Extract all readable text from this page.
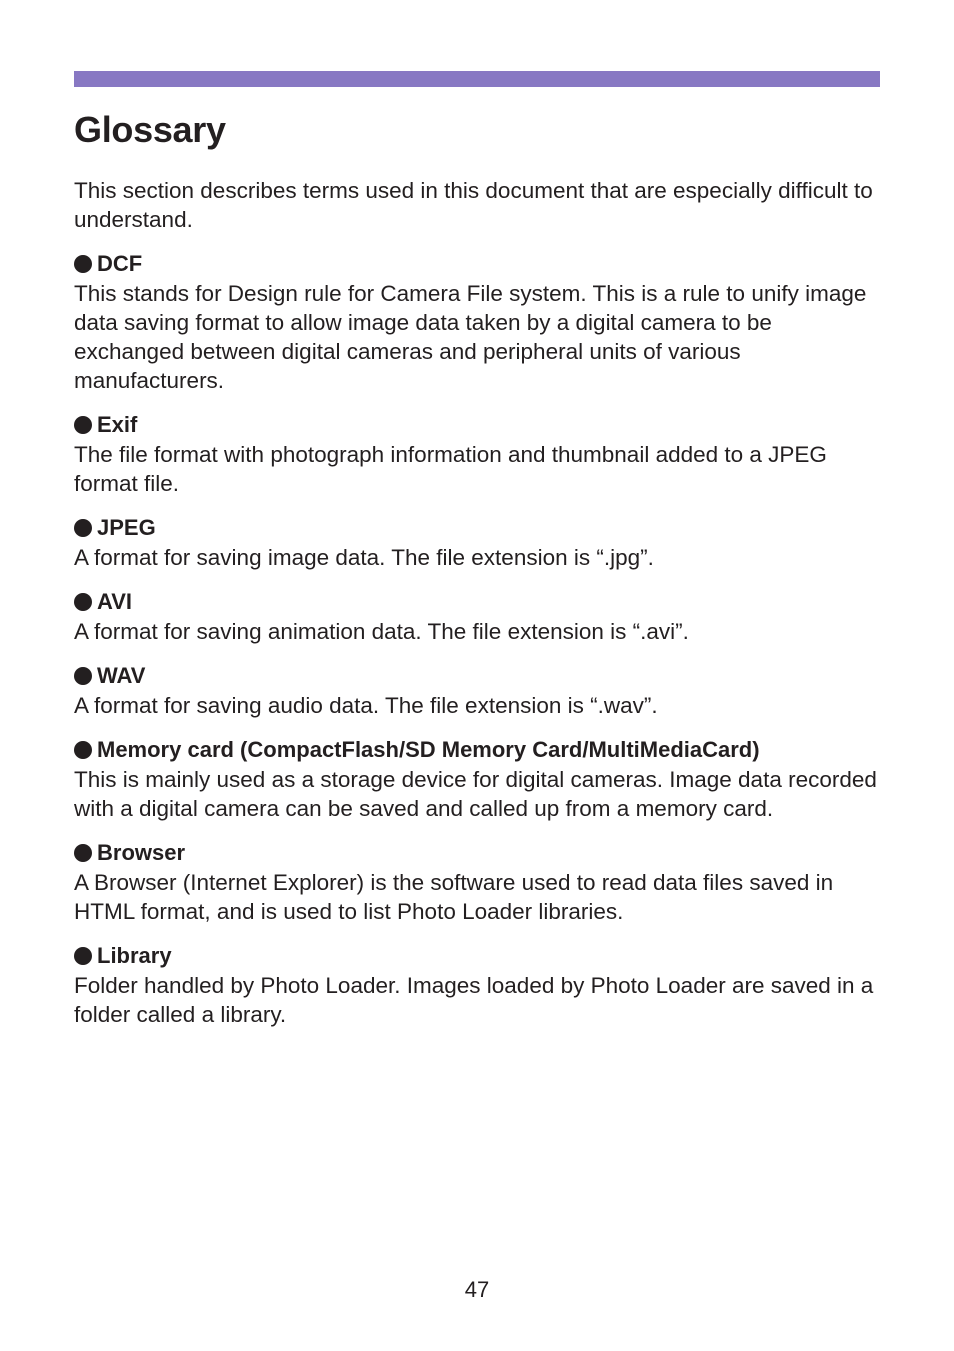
Glossary

This section describes terms used in this document that are especially difficult to understand.

DCF
This stands for Design rule for Camera File system. This is a rule to unify image data saving format to allow image data taken by a digital camera to be exchanged between digital cameras and peripheral units of various manufacturers.
Exif
The file format with photograph information and thumbnail added to a JPEG format file.
JPEG
A format for saving image data. The file extension is “.jpg”.
AVI
A format for saving animation data. The file extension is “.avi”.
WAV
A format for saving audio data. The file extension is “.wav”.
Memory card (CompactFlash/SD Memory Card/MultiMediaCard)
This is mainly used as a storage device for digital cameras. Image data recorded with a digital camera can be saved and called up from a memory card.
Browser
A Browser (Internet Explorer) is the software used to read data files saved in HTML format, and is used to list Photo Loader libraries.
Library
Folder handled by Photo Loader. Images loaded by Photo Loader are saved in a folder called a library.
47
